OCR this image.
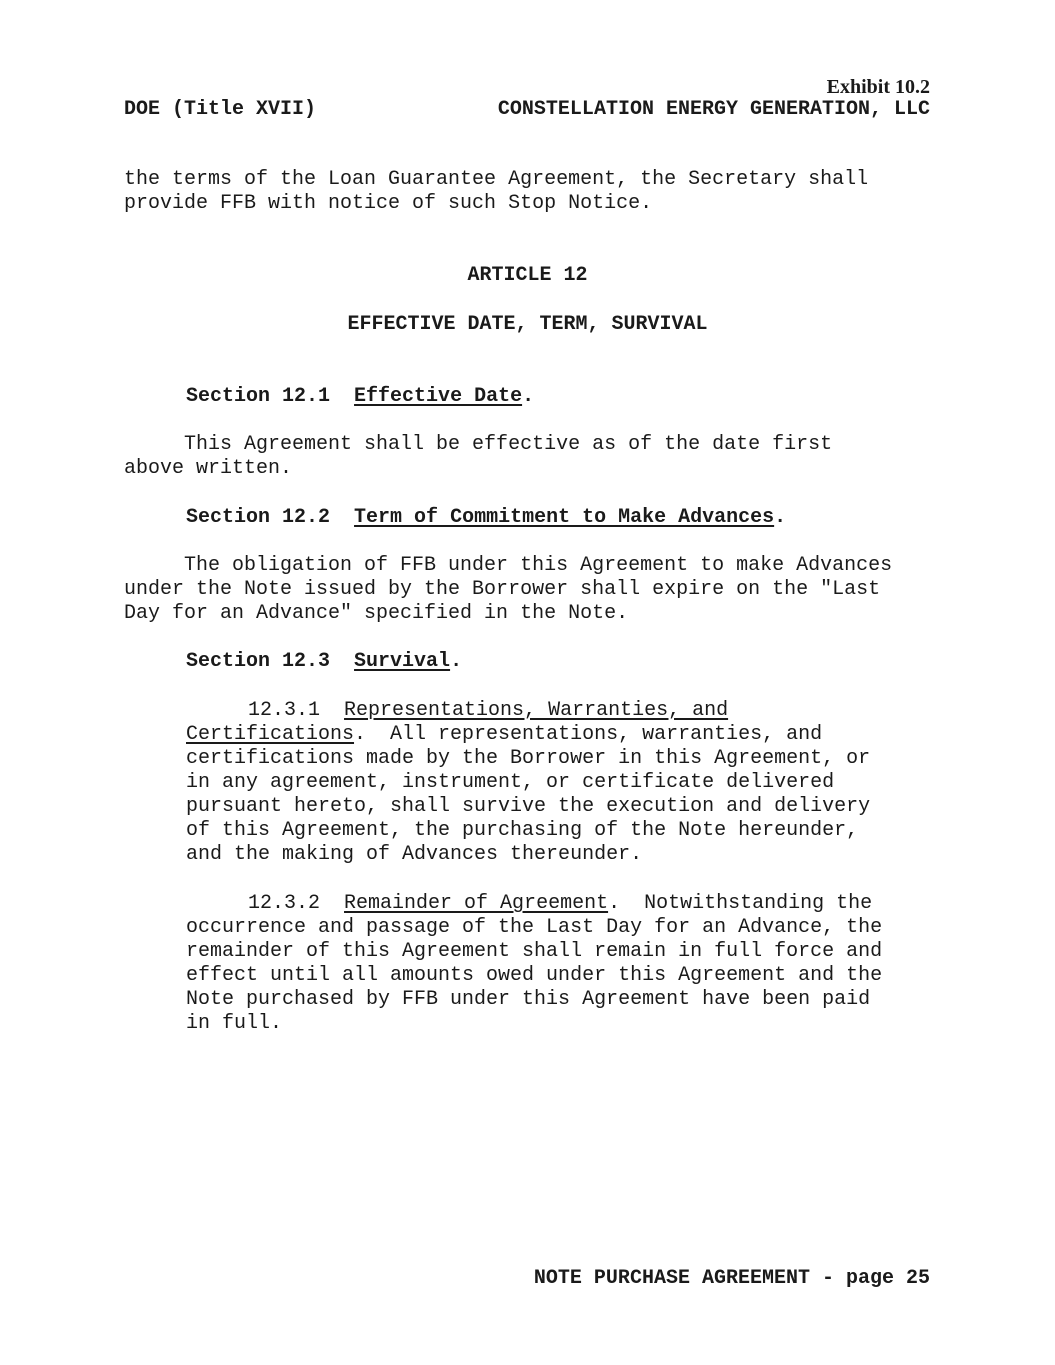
Exhibit 10.2
DOE (Title XVII)	CONSTELLATION ENERGY GENERATION, LLC
the terms of the Loan Guarantee Agreement, the Secretary shall
provide FFB with notice of such Stop Notice.
ARTICLE 12
EFFECTIVE DATE, TERM, SURVIVAL
Section 12.1 Effective Date.
This Agreement shall be effective as of the date first
above written.
Section 12.2 Term of Commitment to Make Advances.
The obligation of FFB under this Agreement to make Advances
under the Note issued by the Borrower shall expire on the "Last
Day for an Advance" specified in the Note.
Section 12.3 Survival.
12.3.1 Representations, Warranties, and
Certifications.  All representations, warranties, and
certifications made by the Borrower in this Agreement, or
in any agreement, instrument, or certificate delivered
pursuant hereto, shall survive the execution and delivery
of this Agreement, the purchasing of the Note hereunder,
and the making of Advances thereunder.
12.3.2 Remainder of Agreement.  Notwithstanding the
occurrence and passage of the Last Day for an Advance, the
remainder of this Agreement shall remain in full force and
effect until all amounts owed under this Agreement and the
Note purchased by FFB under this Agreement have been paid
in full.
NOTE PURCHASE AGREEMENT - page 25
